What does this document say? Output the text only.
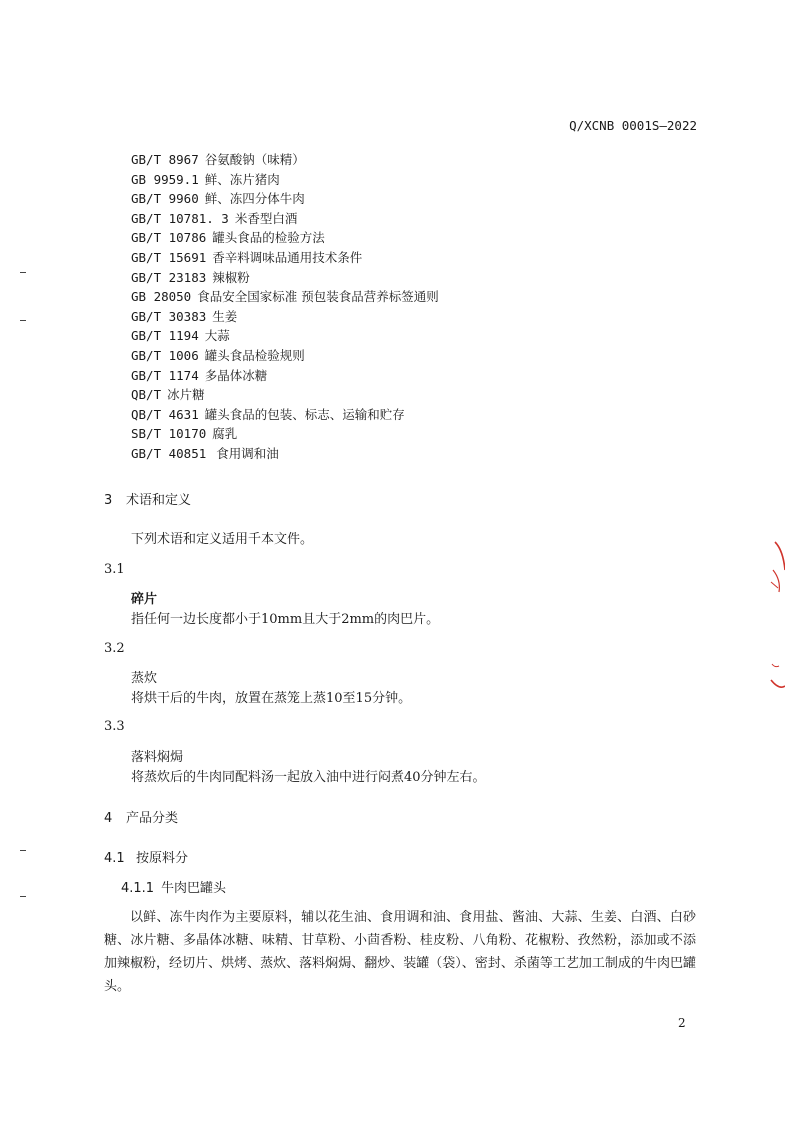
Q/XCNB 0001S—2022
GB/T 8967 谷氨酸钠（味精）
GB 9959.1 鲜、冻片猪肉
GB/T 9960 鲜、冻四分体牛肉
GB/T 10781. 3 米香型白酒
GB/T 10786 罐头食品的检验方法
GB/T 15691 香辛料调味品通用技术条件
GB/T 23183 辣椒粉
GB 28050 食品安全国家标准 预包装食品营养标签通则
GB/T 30383 生姜
GB/T 1194 大蒜
GB/T 1006 罐头食品检验规则
GB/T 1174 多晶体冰糖
QB/T 冰片糖
QB/T 4631 罐头食品的包装、标志、运输和贮存
SB/T 10170 腐乳
GB/T 40851 食用调和油
3 术语和定义
下列术语和定义适用千本文件。
3.1
碎片
指任何一边长度都小于10mm且大于2mm的肉巴片。
3.2
蒸炊
将烘干后的牛肉，放置在蒸笼上蒸10至15分钟。
3.3
落料焖焗
将蒸炊后的牛肉同配料汤一起放入油中进行闷煮40分钟左右。
4 产品分类
4.1 按原料分
4.1.1 牛肉巴罐头
以鲜、冻牛肉作为主要原料，辅以花生油、食用调和油、食用盐、酱油、大蒜、生姜、白酒、白砂糖、冰片糖、多晶体冰糖、味精、甘草粉、小茴香粉、桂皮粉、八角粉、花椒粉、孜然粉，添加或不添加辣椒粉，经切片、烘烤、蒸炊、落料焖焗、翻炒、装罐（袋）、密封、杀菌等工艺加工制成的牛肉巴罐头。
2
